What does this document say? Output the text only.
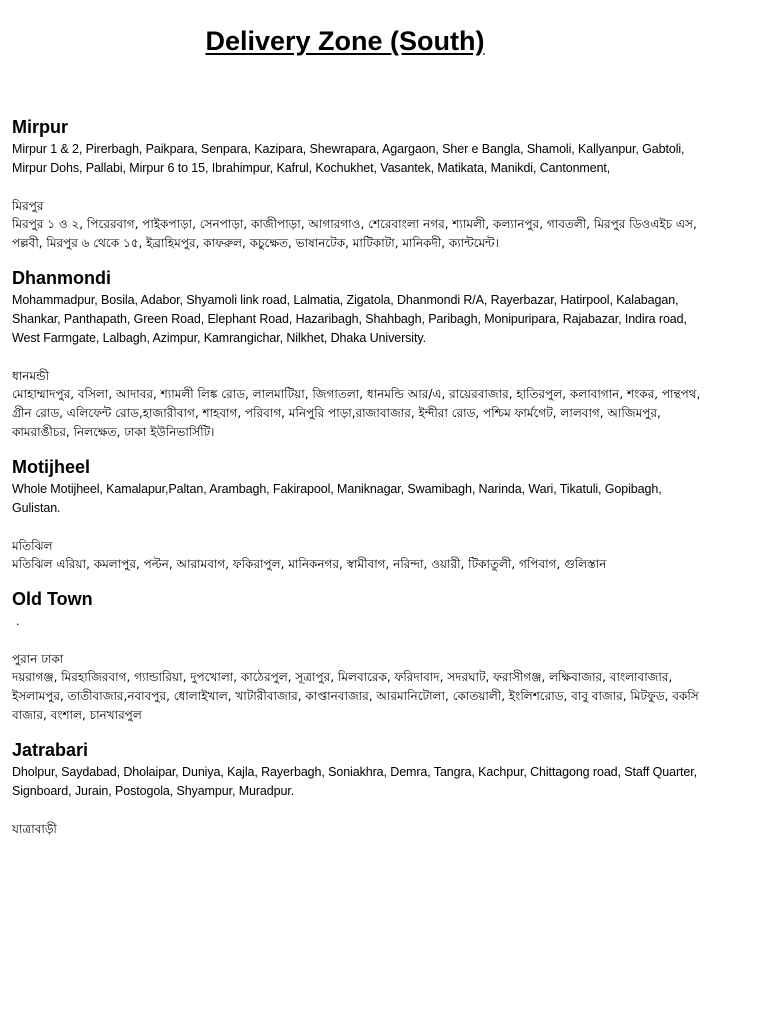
Delivery Zone (South)
Mirpur

Mirpur 1 & 2, Pirerbagh, Paikpara, Senpara, Kazipara, Shewrapara, Agargaon, Sher e Bangla, Shamoli, Kallyanpur, Gabtoli, Mirpur Dohs, Pallabi, Mirpur 6 to 15, Ibrahimpur, Kafrul, Kochukhet, Vasantek, Matikata, Manikdi, Cantonment,

মিরপুর

মিরপুর ১ ও ২, পিরেরবাগ, পাইকপাড়া, সেনপাড়া, কাজীপাড়া, আগারগাও, শেরেবাংলা নগর, শ্যামলী, কল্যানপুর, গাবতলী, মিরপুর ডিওএইচ এস, পল্লবী, মিরপুর ৬ থেকে ১৫, ইব্রাহিমপুর, কাফরুল, কচুক্ষেত, ভাষানটেক, মাটিকাটা, মানিকদী, ক্যান্টমেন্ট।

Dhanmondi

Mohammadpur, Bosila, Adabor, Shyamoli link road, Lalmatia, Zigatola, Dhanmondi R/A, Rayerbazar, Hatirpool, Kalabagan, Shankar, Panthapath, Green Road, Elephant Road, Hazaribagh, Shahbagh, Paribagh, Monipuripara, Rajabazar, Indira road, West Farmgate, Lalbagh, Azimpur, Kamrangichar, Nilkhet, Dhaka University.

ধানমন্ডী

মোহাম্মাদপুর, বসিলা, আদাবর, শ্যামলী লিঙ্ক রোড, লালমাটিয়া, জিগাতলা, ধানমন্ডি আর/এ, রায়েরবাজার, হাতিরপুল, কলাবাগান, শংকর, পান্থপথ, গ্রীন রোড, এলিফেন্ট রোড,হাজারীবাগ, শাহবাগ, পরিবাগ, মনিপুরি পাড়া,রাজাবাজার, ইন্দীরা রোড, পশ্চিম ফার্মগেট, লালবাগ, আজিমপুর, কামরাঙীচর, নিলক্ষেত, ঢাকা ইউনিভার্সিটি।

Motijheel

Whole Motijheel, Kamalapur,Paltan, Arambagh, Fakirapool, Maniknagar, Swamibagh, Narinda, Wari, Tikatuli, Gopibagh, Gulistan.

মতিঝিল

মতিঝিল এরিয়া, কমলাপুর, পল্টন, আরামবাগ, ফকিরাপুল, মানিকনগর, স্বামীবাগ, নরিন্দা, ওয়ারী, টিকাতুলী, গপিবাগ, গুলিস্তান

Old Town

.

পুরান ঢাকা

দয়রাগঞ্জ, মিরহাজিরবাগ, গ্যান্ডারিয়া, দুপখোলা, কাঠেরপুল, সূত্রাপুর, মিলবারেক, ফরিদাবাদ, সদরঘাট, ফরাসীগঞ্জ, লক্ষিবাজার, বাংলাবাজার, ইসলামপুর, তাতীবাজার,নবাবপুর, ধোলাইখাল, খাটারীবাজার, কাপ্তানবাজার, আরমানিটোলা, কোতয়ালী, ইংলিশরোড, বাবু বাজার, মিটফুড, বকসি বাজার, বংশাল, চানখারপুল

Jatrabari

Dholpur, Saydabad, Dholaipar, Duniya, Kajla, Rayerbagh, Soniakhra, Demra, Tangra, Kachpur, Chittagong road, Staff Quarter, Signboard, Jurain, Postogola, Shyampur, Muradpur.

যাত্রাবাড়ী
